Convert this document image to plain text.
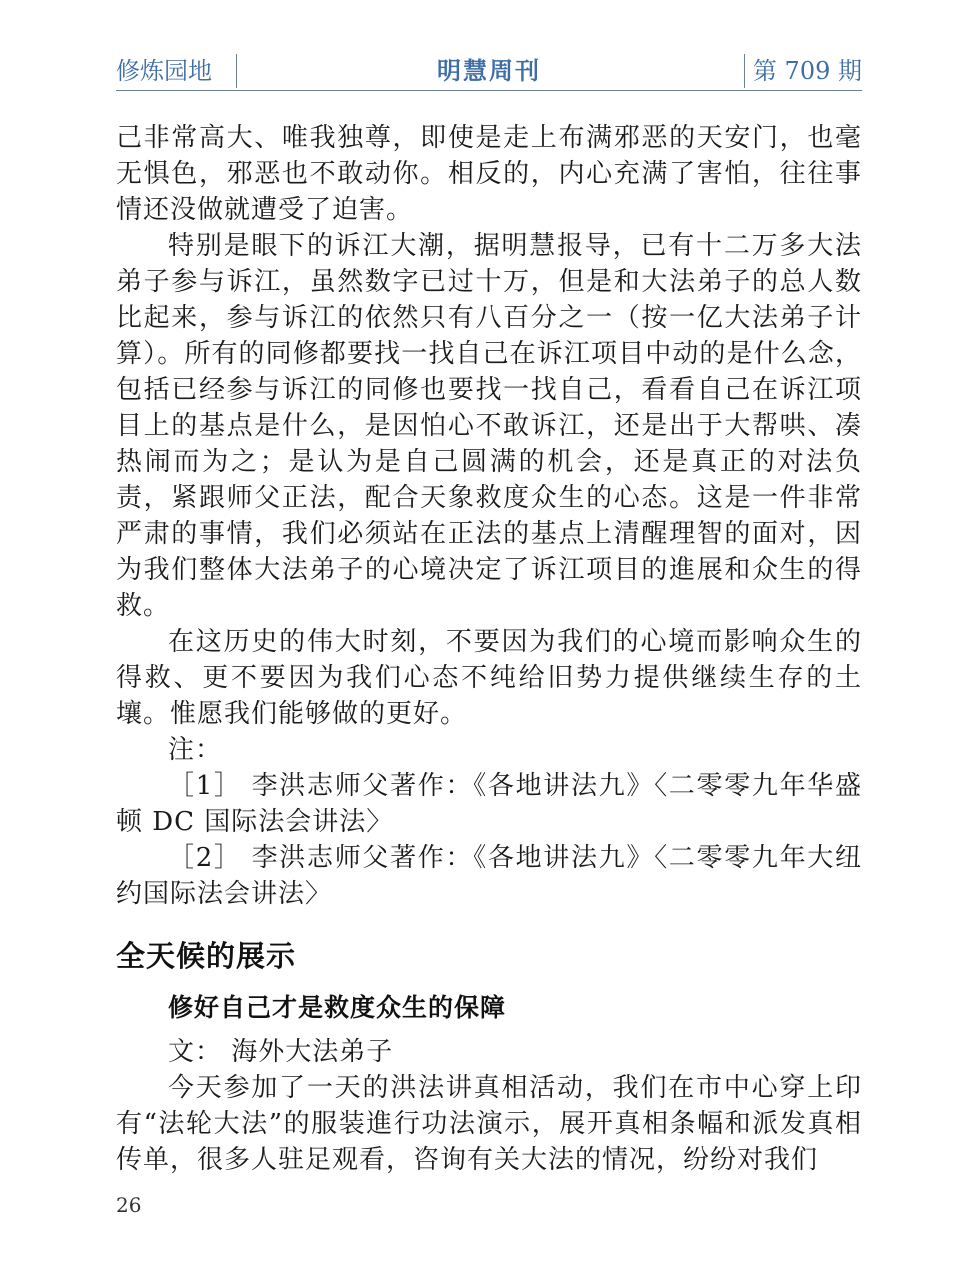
修炼园地	明慧周刊	第 709 期

己非常高大、唯我独尊，即使是走上布满邪恶的天安门，也毫无惧色，邪恶也不敢动你。相反的，内心充满了害怕，往往事情还没做就遭受了迫害。

特别是眼下的诉江大潮，据明慧报导，已有十二万多大法弟子参与诉江，虽然数字已过十万，但是和大法弟子的总人数比起来，参与诉江的依然只有八百分之一（按一亿大法弟子计算）。所有的同修都要找一找自己在诉江项目中动的是什么念，包括已经参与诉江的同修也要找一找自己，看看自己在诉江项目上的基点是什么，是因怕心不敢诉江，还是出于大帮哄、凑热闹而为之；是认为是自己圆满的机会，还是真正的对法负责，紧跟师父正法，配合天象救度众生的心态。这是一件非常严肃的事情，我们必须站在正法的基点上清醒理智的面对，因为我们整体大法弟子的心境决定了诉江项目的進展和众生的得救。

在这历史的伟大时刻，不要因为我们的心境而影响众生的得救、更不要因为我们心态不纯给旧势力提供继续生存的土壤。惟愿我们能够做的更好。

注：

［1］ 李洪志师父著作：《各地讲法九》〈二零零九年华盛顿 DC 国际法会讲法〉

［2］ 李洪志师父著作：《各地讲法九》〈二零零九年大纽约国际法会讲法〉

全天候的展示
修好自己才是救度众生的保障

文： 海外大法弟子

今天参加了一天的洪法讲真相活动，我们在市中心穿上印有“法轮大法”的服装進行功法演示，展开真相条幅和派发真相传单，很多人驻足观看，咨询有关大法的情况，纷纷对我们

26
